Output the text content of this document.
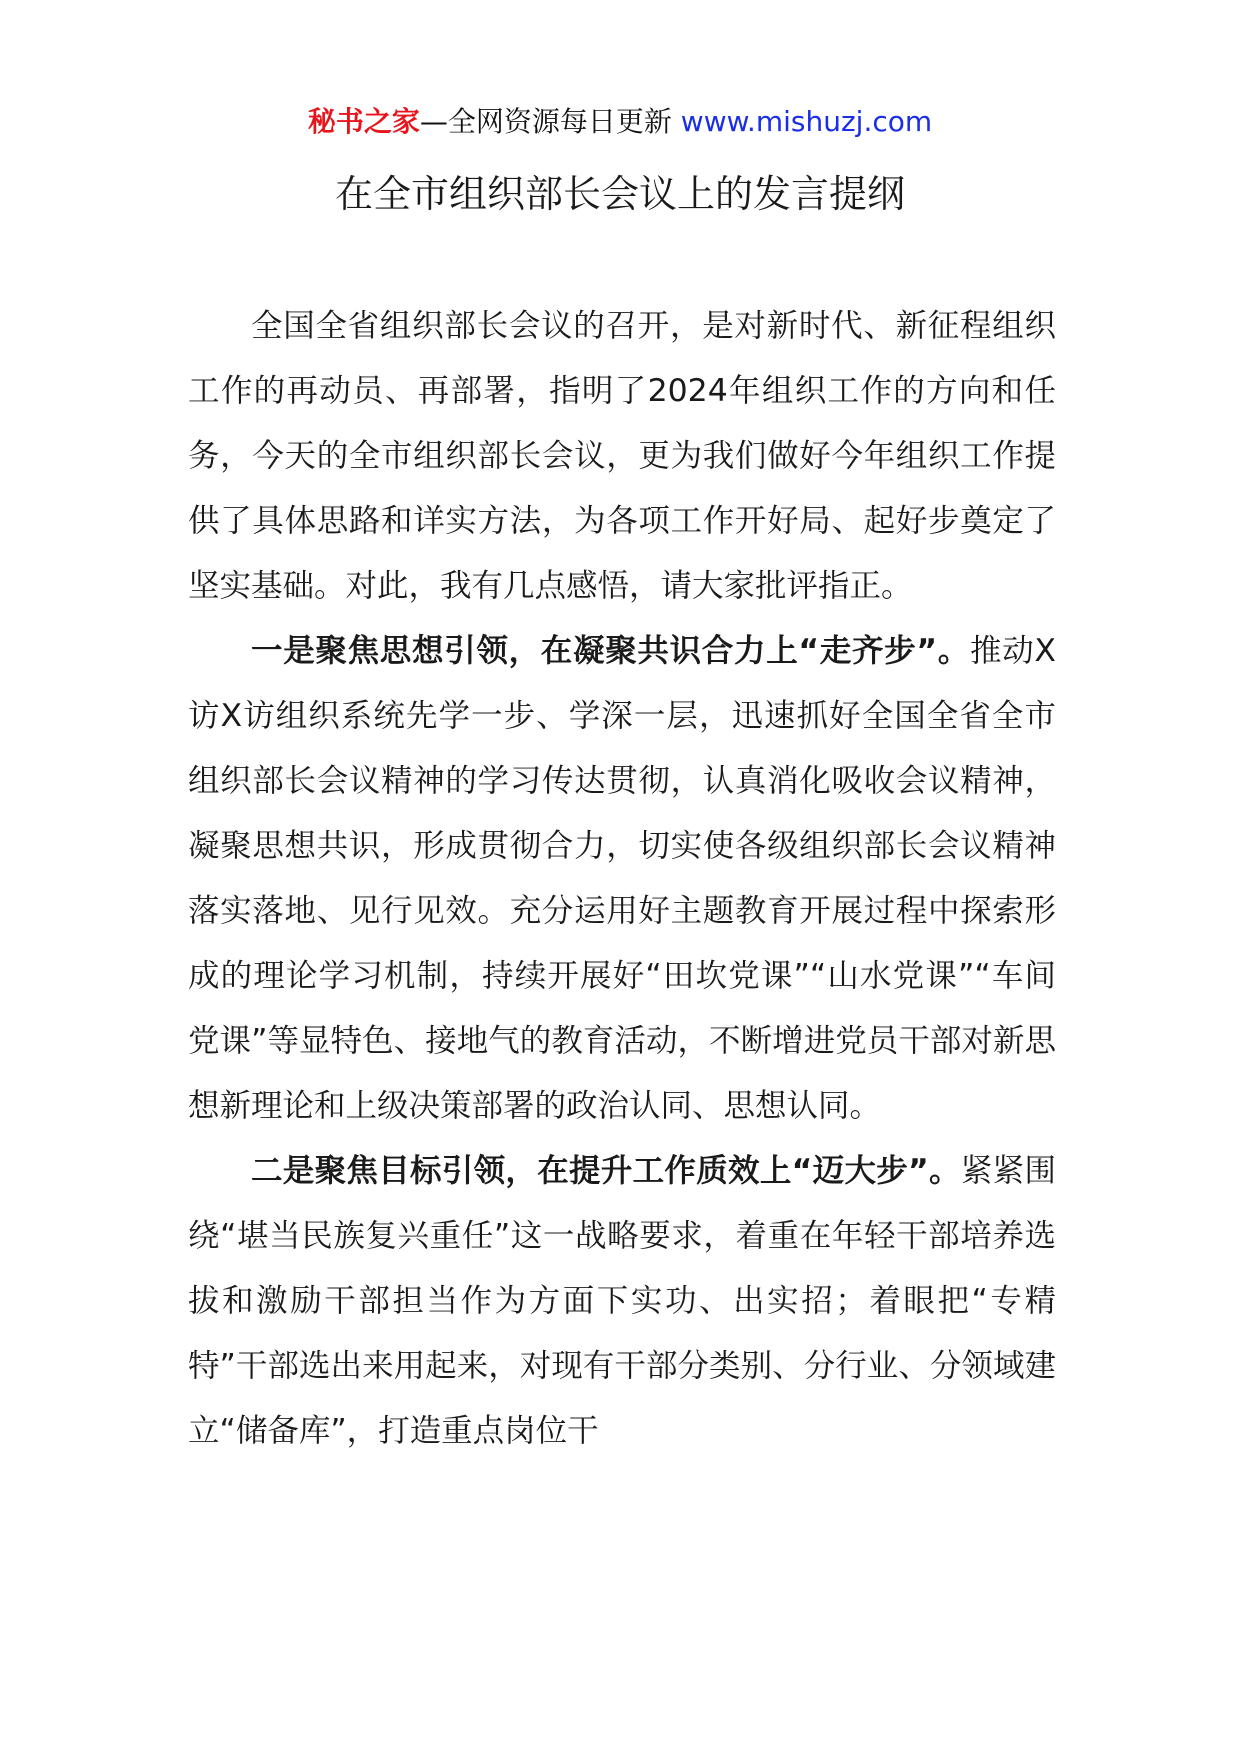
秘书之家—全网资源每日更新 www.mishuzj.com
在全市组织部长会议上的发言提纲

全国全省组织部长会议的召开，是对新时代、新征程组织工作的再动员、再部署，指明了2024年组织工作的方向和任务，今天的全市组织部长会议，更为我们做好今年组织工作提供了具体思路和详实方法，为各项工作开好局、起好步奠定了坚实基础。对此，我有几点感悟，请大家批评指正。

一是聚焦思想引领，在凝聚共识合力上“走齐步”。推动X访X访组织系统先学一步、学深一层，迅速抓好全国全省全市组织部长会议精神的学习传达贯彻，认真消化吸收会议精神，凝聚思想共识，形成贯彻合力，切实使各级组织部长会议精神落实落地、见行见效。充分运用好主题教育开展过程中探索形成的理论学习机制，持续开展好“田坎党课”“山水党课”“车间党课”等显特色、接地气的教育活动，不断增进党员干部对新思想新理论和上级决策部署的政治认同、思想认同。

二是聚焦目标引领，在提升工作质效上“迈大步”。紧紧围绕“堪当民族复兴重任”这一战略要求，着重在年轻干部培养选拔和激励干部担当作为方面下实功、出实招；着眼把“专精特”干部选出来用起来，对现有干部分类别、分行业、分领域建立“储备库”，打造重点岗位干
